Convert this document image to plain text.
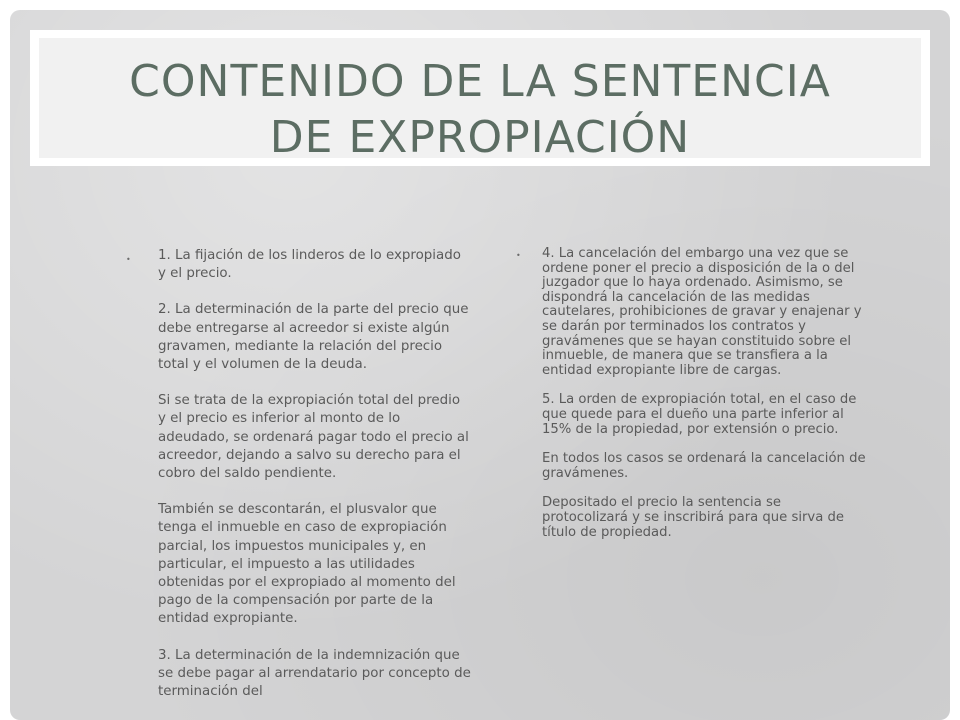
CONTENIDO DE LA SENTENCIA
DE EXPROPIACIÓN
•	1. La fijación de los linderos de lo expropiado y el precio.

2. La determinación de la parte del precio que debe entregarse al acreedor si existe algún gravamen, mediante la relación del precio total y el volumen de la deuda.

Si se trata de la expropiación total del predio y el precio es inferior al monto de lo adeudado, se ordenará pagar todo el precio al acreedor, dejando a salvo su derecho para el cobro del saldo pendiente.

También se descontarán, el plusvalor que tenga el inmueble en caso de expropiación parcial, los impuestos municipales y, en particular, el impuesto a las utilidades obtenidas por el expropiado al momento del pago de la compensación por parte de la entidad expropiante.

3. La determinación de la indemnización que se debe pagar al arrendatario por concepto de terminación del

•	4. La cancelación del embargo una vez que se ordene poner el precio a disposición de la o del juzgador que lo haya ordenado. Asimismo, se dispondrá la cancelación de las medidas cautelares, prohibiciones de gravar y enajenar y se darán por terminados los contratos y gravámenes que se hayan constituido sobre el inmueble, de manera que se transfiera a la entidad expropiante libre de cargas.

5. La orden de expropiación total, en el caso de que quede para el dueño una parte inferior al 15% de la propiedad, por extensión o precio.

En todos los casos se ordenará la cancelación de gravámenes.

Depositado el precio la sentencia se protocolizará y se inscribirá para que sirva de título de propiedad.
